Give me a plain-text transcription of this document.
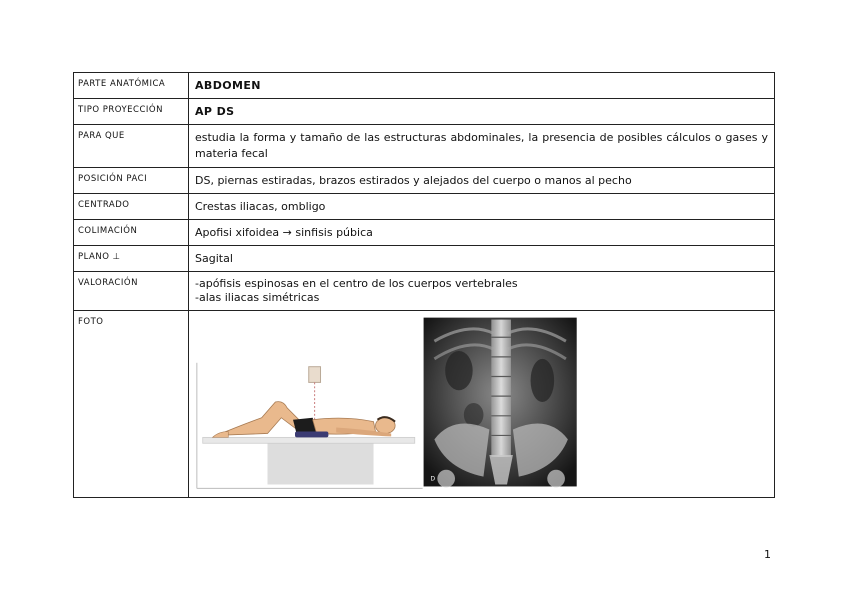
PARTE ANATÓMICA	ABDOMEN
TIPO PROYECCIÓN	AP DS
PARA QUE	estudia la forma y tamaño de las estructuras abdominales, la presencia de posibles cálculos o gases y materia fecal
POSICIÓN PACI	DS, piernas estiradas, brazos estirados y alejados del cuerpo o manos al pecho
CENTRADO	Crestas iliacas, ombligo
COLIMACIÓN	Apofisi xifoidea → sinfisis púbica
PLANO ⊥	Sagital
VALORACIÓN	-apófisis espinosas en el centro de los cuerpos vertebrales
-alas iliacas simétricas

FOTO	D
1
